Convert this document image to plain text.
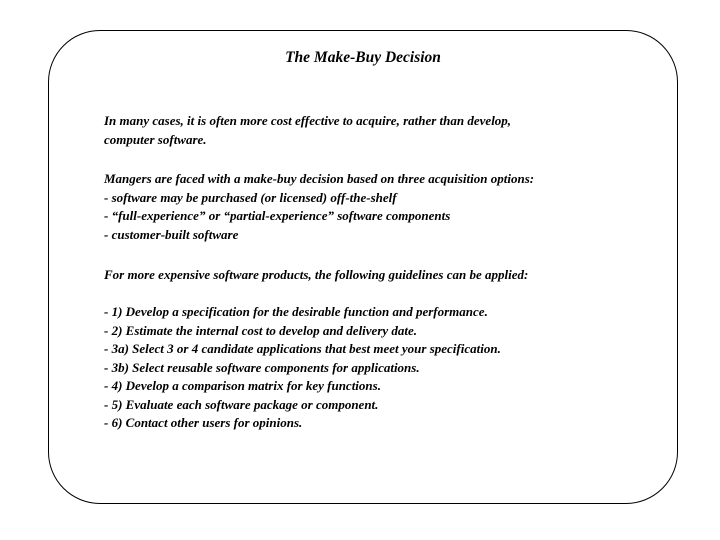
The Make-Buy Decision

In many cases, it is often more cost effective to acquire, rather than develop,
computer software.

Mangers are faced with a make-buy decision based on three acquisition options:
- software may be purchased (or licensed) off-the-shelf
- “full-experience” or “partial-experience” software components
- customer-built software

For more expensive software products, the following guidelines can be applied:

- 1) Develop a specification for the desirable function and performance.
- 2) Estimate the internal cost to develop and delivery date.
- 3a) Select 3 or 4 candidate applications that best meet your specification.
- 3b) Select reusable software components for applications.
- 4) Develop a comparison matrix for key functions.
- 5) Evaluate each software package or component.
- 6) Contact other users for opinions.
